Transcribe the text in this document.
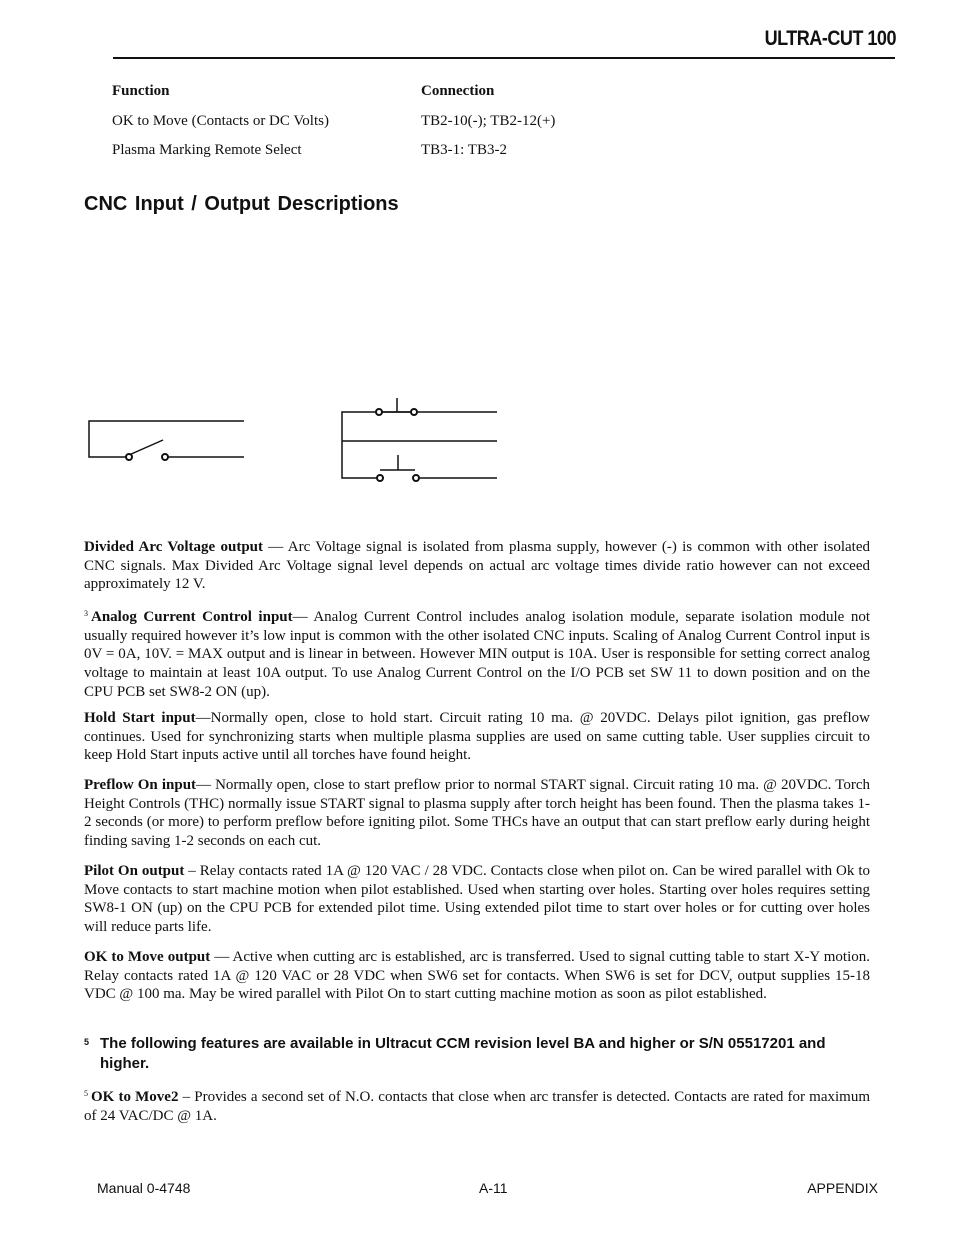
ULTRA-CUT 100
Function	Connection
OK to Move (Contacts or DC Volts)	TB2-10(-); TB2-12(+)
Plasma Marking Remote Select	TB3-1: TB3-2
CNC Input / Output Descriptions
Divided Arc Voltage output — Arc Voltage signal is isolated from plasma supply, however (-) is common with other isolated CNC signals. Max Divided Arc Voltage signal level depends on actual arc voltage times divide ratio however can not exceed approximately 12 V.
$^3$ Analog Current Control input— Analog Current Control includes analog isolation module, separate isolation module not usually required however it’s low input is common with the other isolated CNC inputs. Scaling of Analog Current Control input is 0V = 0A, 10V. = MAX output and is linear in between. However MIN output is 10A. User is responsible for setting correct analog voltage to maintain at least 10A output. To use Analog Current Control on the I/O PCB set SW 11 to down position and on the CPU PCB set SW8-2 ON (up).
Hold Start input—Normally open, close to hold start. Circuit rating 10 ma. @ 20VDC. Delays pilot ignition, gas preflow continues. Used for synchronizing starts when multiple plasma supplies are used on same cutting table. User supplies circuit to keep Hold Start inputs active until all torches have found height.
Preflow On input— Normally open, close to start preflow prior to normal START signal. Circuit rating 10 ma. @ 20VDC. Torch Height Controls (THC) normally issue START signal to plasma supply after torch height has been found. Then the plasma takes 1-2 seconds (or more) to perform preflow before igniting pilot. Some THCs have an output that can start preflow early during height finding saving 1-2 seconds on each cut.
Pilot On output – Relay contacts rated 1A @ 120 VAC / 28 VDC. Contacts close when pilot on. Can be wired parallel with Ok to Move contacts to start machine motion when pilot established. Used when starting over holes. Starting over holes requires setting SW8-1 ON (up) on the CPU PCB for extended pilot time. Using extended pilot time to start over holes or for cutting over holes will reduce parts life.
OK to Move output — Active when cutting arc is established, arc is transferred. Used to signal cutting table to start X-Y motion. Relay contacts rated 1A @ 120 VAC or 28 VDC when SW6 set for contacts. When SW6 is set for DCV, output supplies 15-18 VDC @ 100 ma. May be wired parallel with Pilot On to start cutting machine motion as soon as pilot established.
5 The following features are available in Ultracut CCM revision level BA and higher or S/N 05517201 and higher.
$^5$ OK to Move2 – Provides a second set of N.O. contacts that close when arc transfer is detected. Contacts are rated for maximum of 24 VAC/DC @ 1A.
Manual 0-4748	A-11	APPENDIX
